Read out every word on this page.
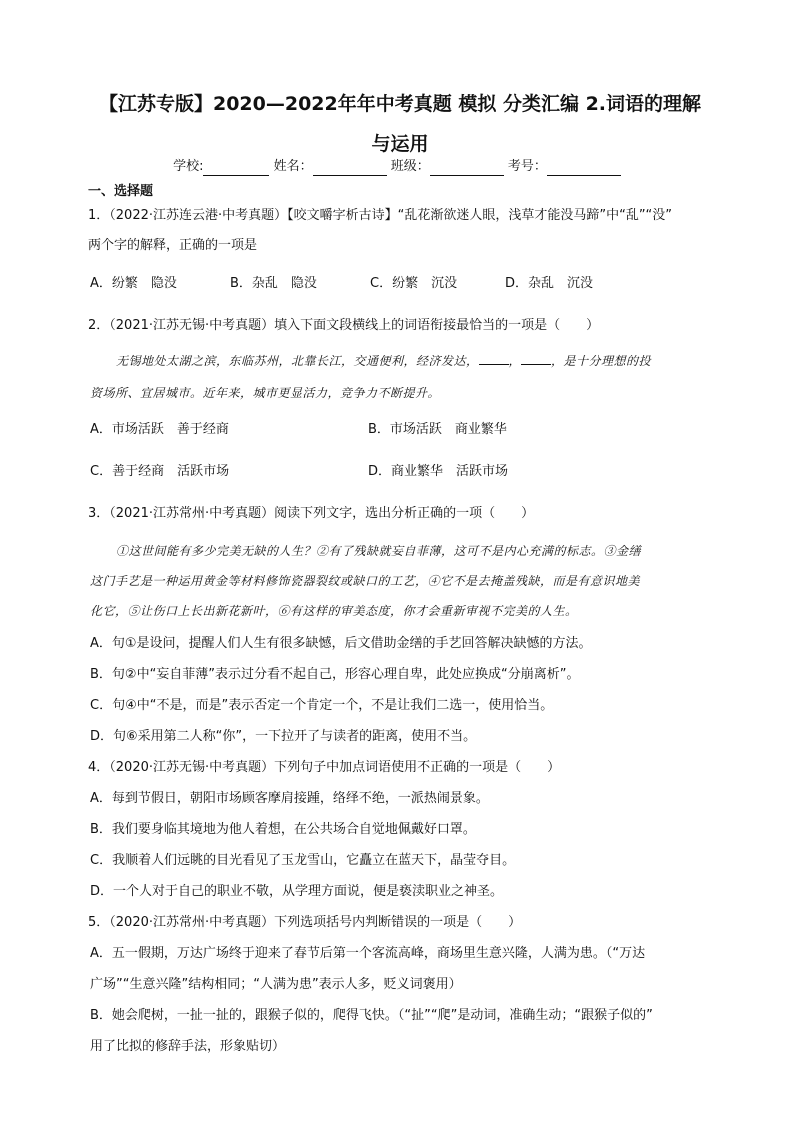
【江苏专版】2020—2022年年中考真题 模拟 分类汇编 2.词语的理解
与运用
学校:	姓名：	班级：	考号：
一、选择题
1．（2022·江苏连云港·中考真题）【咬文嚼字析古诗】“乱花渐欲迷人眼，浅草才能没马蹄”中“乱”“没”
两个字的解释，正确的一项是
A．纷繁　隐没	B．杂乱　隐没	C．纷繁　沉没	D．杂乱　沉没
2．（2021·江苏无锡·中考真题）填入下面文段横线上的词语衔接最恰当的一项是（　　）
无锡地处太湖之滨，东临苏州，北靠长江，交通便利，经济发达，	，	，是十分理想的投
资场所、宜居城市。近年来，城市更显活力，竞争力不断提升。
A．市场活跃　善于经商	B．市场活跃　商业繁华
C．善于经商　活跃市场	D．商业繁华　活跃市场
3．（2021·江苏常州·中考真题）阅读下列文字，选出分析正确的一项（　　）
①这世间能有多少完美无缺的人生？②有了残缺就妄自菲薄，这可不是内心充满的标志。③金缮
这门手艺是一种运用黄金等材料修饰瓷器裂纹或缺口的工艺，④它不是去掩盖残缺，而是有意识地美
化它，⑤让伤口上长出新花新叶，⑥有这样的审美态度，你才会重新审视不完美的人生。
A．句①是设问，提醒人们人生有很多缺憾，后文借助金缮的手艺回答解决缺憾的方法。
B．句②中“妄自菲薄”表示过分看不起自己，形容心理自卑，此处应换成“分崩离析”。
C．句④中“不是，而是”表示否定一个肯定一个，不是让我们二选一，使用恰当。
D．句⑥采用第二人称“你”，一下拉开了与读者的距离，使用不当。
4．（2020·江苏无锡·中考真题）下列句子中加点词语使用不正确的一项是（　　）
A．每到节假日，朝阳市场顾客摩肩接踵，络绎不绝，一派热闹景象。
B．我们要身临其境地为他人着想，在公共场合自觉地佩戴好口罩。
C．我顺着人们远眺的目光看见了玉龙雪山，它矗立在蓝天下，晶莹夺目。
D．一个人对于自己的职业不敬，从学理方面说，便是亵渎职业之神圣。
5．（2020·江苏常州·中考真题）下列选项括号内判断错误的一项是（　　）
A．五一假期，万达广场终于迎来了春节后第一个客流高峰，商场里生意兴隆，人满为患。（“万达
广场”“生意兴隆”结构相同；“人满为患”表示人多，贬义词褒用）
B．她会爬树，一扯一扯的，跟猴子似的，爬得飞快。（“扯”“爬”是动词，准确生动；“跟猴子似的”
用了比拟的修辞手法，形象贴切）
